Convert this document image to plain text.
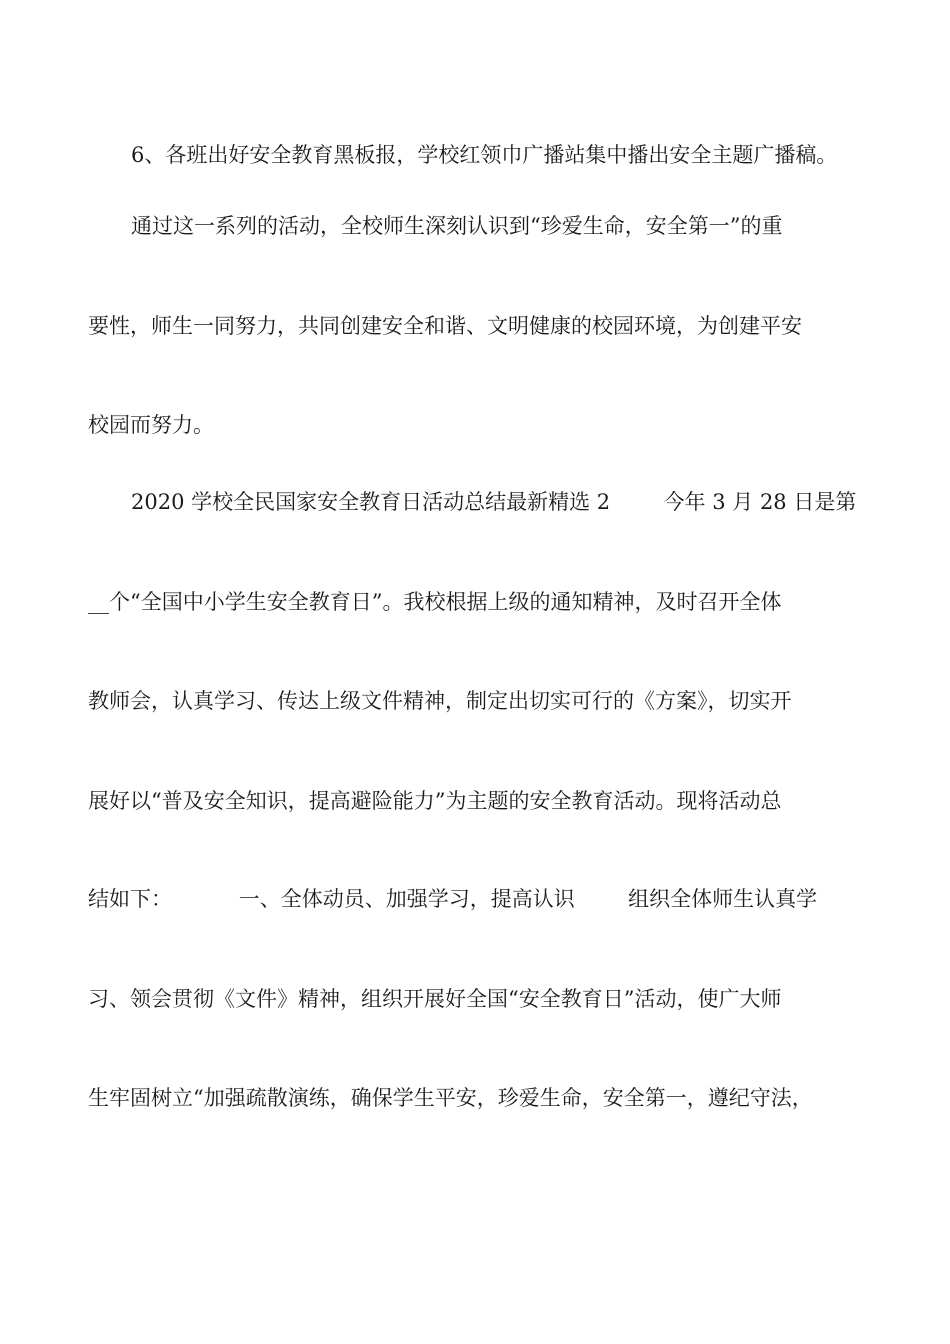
6、各班出好安全教育黑板报，学校红领巾广播站集中播出安全主题广播稿。
通过这一系列的活动，全校师生深刻认识到“珍爱生命，安全第一”的重
要性，师生一同努力，共同创建安全和谐、文明健康的校园环境，为创建平安
校园而努力。
2020 学校全民国家安全教育日活动总结最新精选 2        今年 3 月 28 日是第
__个“全国中小学生安全教育日”。我校根据上级的通知精神，及时召开全体
教师会，认真学习、传达上级文件精神，制定出切实可行的《方案》，切实开
展好以“普及安全知识，提高避险能力”为主题的安全教育活动。现将活动总
结如下：          一、全体动员、加强学习，提高认识        组织全体师生认真学
习、领会贯彻《文件》精神，组织开展好全国“安全教育日”活动，使广大师
生牢固树立“加强疏散演练，确保学生平安，珍爱生命，安全第一，遵纪守法，
